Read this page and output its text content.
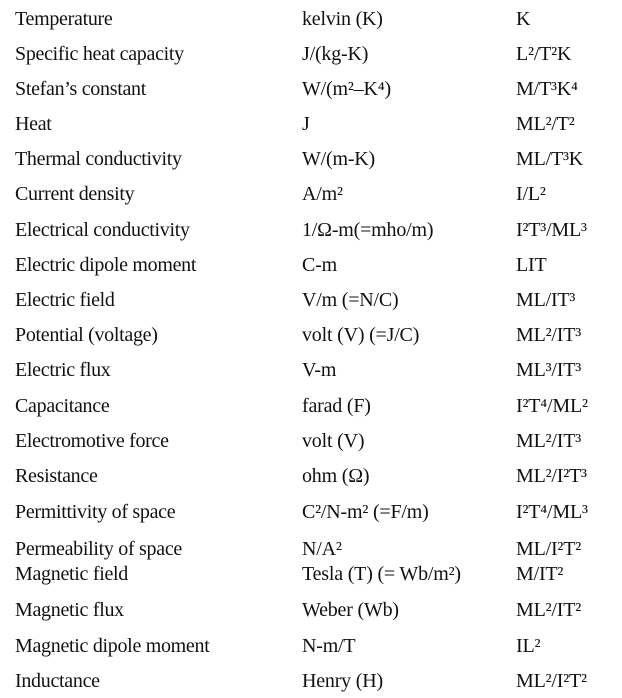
Temperature	kelvin (K)	K
Specific heat capacity	J/(kg-K)	L²/T²K
Stefan’s constant	W/(m²–K⁴)	M/T³K⁴
Heat	J	ML²/T²
Thermal conductivity	W/(m-K)	ML/T³K
Current density	A/m²	I/L²
Electrical conductivity	1/Ω-m(=mho/m)	I²T³/ML³
Electric dipole moment	C-m	LIT
Electric field	V/m (=N/C)	ML/IT³
Potential (voltage)	volt (V) (=J/C)	ML²/IT³
Electric flux	V-m	ML³/IT³
Capacitance	farad (F)	I²T⁴/ML²
Electromotive force	volt (V)	ML²/IT³
Resistance	ohm (Ω)	ML²/I²T³
Permittivity of space	C²/N-m² (=F/m)	I²T⁴/ML³
Permeability of space	N/A²	ML/I²T²
Magnetic field	Tesla (T) (= Wb/m²)	M/IT²
Magnetic flux	Weber (Wb)	ML²/IT²
Magnetic dipole moment	N-m/T	IL²
Inductance	Henry (H)	ML²/I²T²
